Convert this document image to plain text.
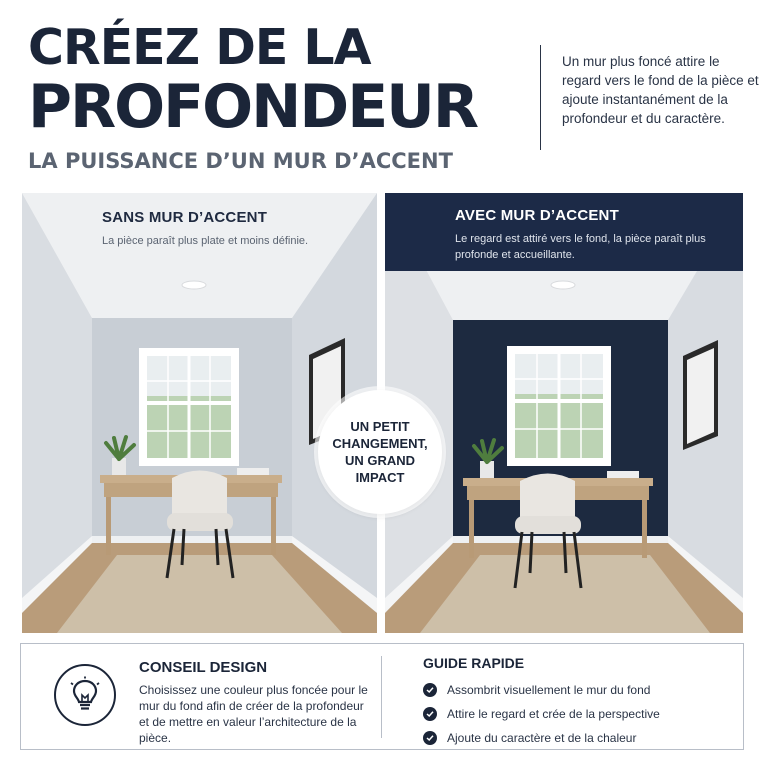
CRÉEZ DE LA
PROFONDEUR
LA PUISSANCE D’UN MUR D’ACCENT
Un mur plus foncé attire le regard vers le fond de la pièce et ajoute instantanément de la profondeur et du caractère.
SANS MUR D’ACCENT
La pièce paraît plus plate et moins définie.
AVEC MUR D’ACCENT
Le regard est attiré vers le fond, la pièce paraît plus profonde et accueillante.
UN PETIT
CHANGEMENT,
UN GRAND
IMPACT
CONSEIL DESIGN
Choisissez une couleur plus foncée pour le mur du fond afin de créer de la profondeur et de mettre en valeur l’architecture de la pièce.
GUIDE RAPIDE
Assombrit visuellement le mur du fond
Attire le regard et crée de la perspective
Ajoute du caractère et de la chaleur
